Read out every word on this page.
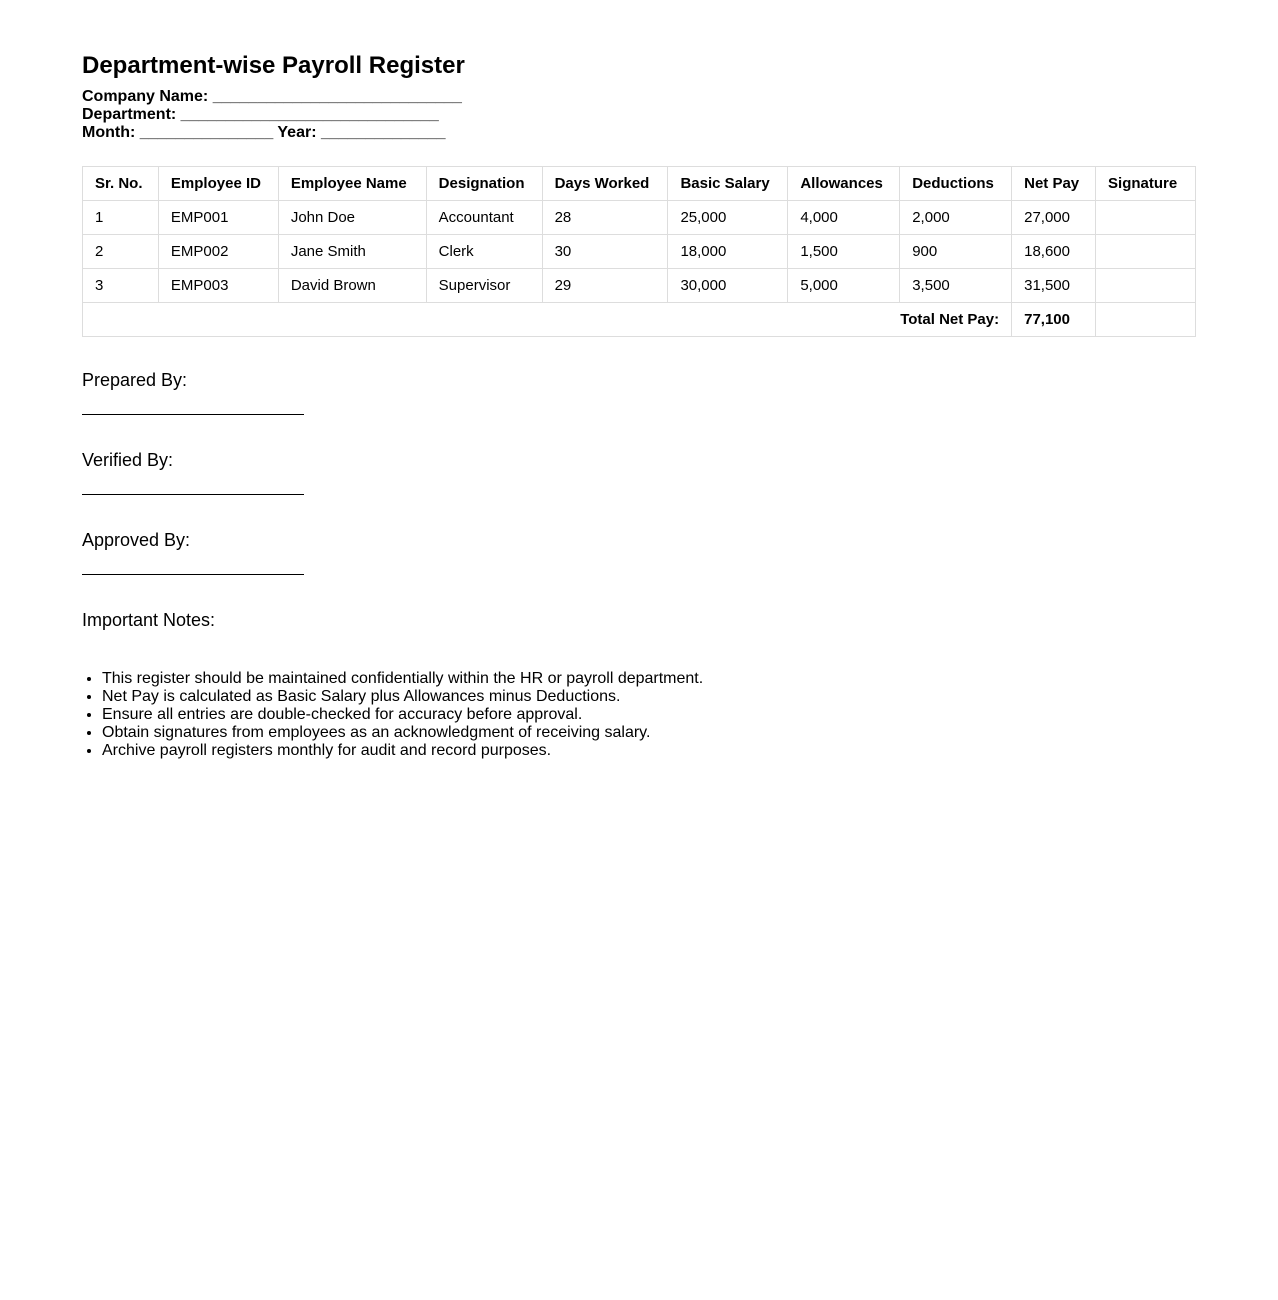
Department-wise Payroll Register
Company Name: ____________________________
Department: _____________________________
Month: _______________ Year: ______________
Sr. No.	Employee ID	Employee Name	Designation	Days Worked	Basic Salary	Allowances	Deductions	Net Pay	Signature
1	EMP001	John Doe	Accountant	28	25,000	4,000	2,000	27,000	
2	EMP002	Jane Smith	Clerk	30	18,000	1,500	900	18,600	
3	EMP003	David Brown	Supervisor	29	30,000	5,000	3,500	31,500	
Total Net Pay:								77,100	
Prepared By:
Verified By:
Approved By:
Important Notes:
• This register should be maintained confidentially within the HR or payroll department.
• Net Pay is calculated as Basic Salary plus Allowances minus Deductions.
• Ensure all entries are double-checked for accuracy before approval.
• Obtain signatures from employees as an acknowledgment of receiving salary.
• Archive payroll registers monthly for audit and record purposes.
